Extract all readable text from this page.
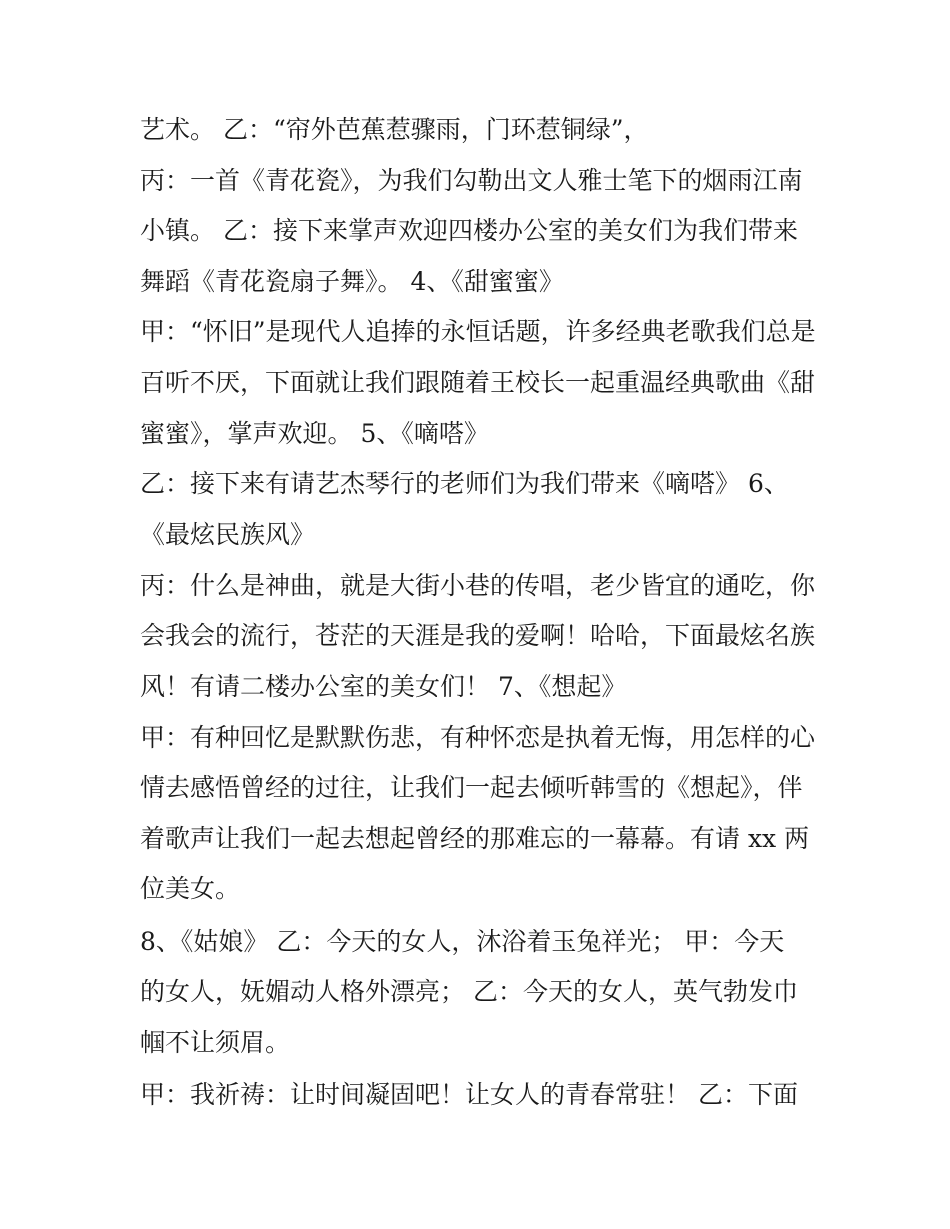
艺术。 乙：“帘外芭蕉惹骤雨，门环惹铜绿”，

丙：一首《青花瓷》，为我们勾勒出文人雅士笔下的烟雨江南

小镇。 乙：接下来掌声欢迎四楼办公室的美女们为我们带来

舞蹈《青花瓷扇子舞》。 4、《甜蜜蜜》

甲：“怀旧”是现代人追捧的永恒话题，许多经典老歌我们总是

百听不厌，下面就让我们跟随着王校长一起重温经典歌曲《甜

蜜蜜》，掌声欢迎。 5、《嘀嗒》

乙：接下来有请艺杰琴行的老师们为我们带来《嘀嗒》 6、

《最炫民族风》

丙：什么是神曲，就是大街小巷的传唱，老少皆宜的通吃，你

会我会的流行，苍茫的天涯是我的爱啊！哈哈，下面最炫名族

风！有请二楼办公室的美女们！ 7、《想起》

甲：有种回忆是默默伤悲，有种怀恋是执着无悔，用怎样的心

情去感悟曾经的过往，让我们一起去倾听韩雪的《想起》，伴

着歌声让我们一起去想起曾经的那难忘的一幕幕。有请 xx 两

位美女。

8、《姑娘》 乙：今天的女人，沐浴着玉兔祥光； 甲：今天

的女人，妩媚动人格外漂亮； 乙：今天的女人，英气勃发巾

帼不让须眉。

甲：我祈祷：让时间凝固吧！让女人的青春常驻！ 乙：下面
